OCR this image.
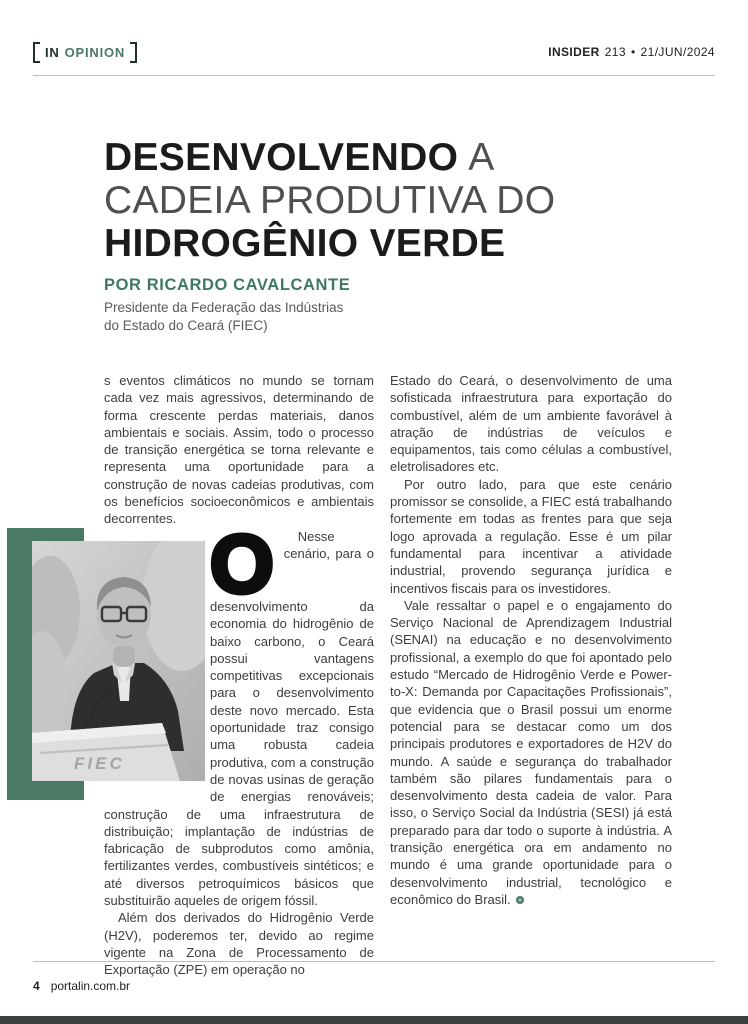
IN OPINION	INSIDER 213 • 21/JUN/2024
DESENVOLVENDO A
CADEIA PRODUTIVA DO
HIDROGÊNIO VERDE
POR RICARDO CAVALCANTE
Presidente da Federação das Indústrias
do Estado do Ceará (FIEC)
FIEC

O
s eventos climáticos no mundo se tornam cada vez mais agressivos, determinando de forma crescente perdas materiais, danos ambientais e sociais. Assim, todo o processo de transição energética se torna relevante e representa uma oportunidade para a construção de novas cadeias produtivas, com os benefícios socioeconômicos e ambientais decorrentes.

Nesse cenário, para o desenvolvimento da economia do hidrogênio de baixo carbono, o Ceará possui vantagens competitivas excepcionais para o desenvolvimento deste novo mercado. Esta oportunidade traz consigo uma robusta cadeia produtiva, com a construção de novas usinas de geração de energias renováveis; construção de uma infraestrutura de distribuição; implantação de indústrias de fabricação de subprodutos como amônia, fertilizantes verdes, combustíveis sintéticos; e até diversos petroquímicos básicos que substituirão aqueles de origem fóssil.

Além dos derivados do Hidrogênio Verde (H2V), poderemos ter, devido ao regime vigente na Zona de Processamento de Exportação (ZPE) em operação no

Estado do Ceará, o desenvolvimento de uma sofisticada infraestrutura para exportação do combustível, além de um ambiente favorável à atração de indústrias de veículos e equipamentos, tais como células a combustível, eletrolisadores etc.

Por outro lado, para que este cenário promissor se consolide, a FIEC está trabalhando fortemente em todas as frentes para que seja logo aprovada a regulação. Esse é um pilar fundamental para incentivar a atividade industrial, provendo segurança jurídica e incentivos fiscais para os investidores.

Vale ressaltar o papel e o engajamento do Serviço Nacional de Aprendizagem Industrial (SENAI) na educação e no desenvolvimento profissional, a exemplo do que foi apontado pelo estudo “Mercado de Hidrogênio Verde e Power-to-X: Demanda por Capacitações Profissionais”, que evidencia que o Brasil possui um enorme potencial para se destacar como um dos principais produtores e exportadores de H2V do mundo. A saúde e segurança do trabalhador também são pilares fundamentais para o desenvolvimento desta cadeia de valor. Para isso, o Serviço Social da Indústria (SESI) já está preparado para dar todo o suporte à indústria. A transição energética ora em andamento no mundo é uma grande oportunidade para o desenvolvimento industrial, tecnológico e econômico do Brasil.

4 portalin.com.br
